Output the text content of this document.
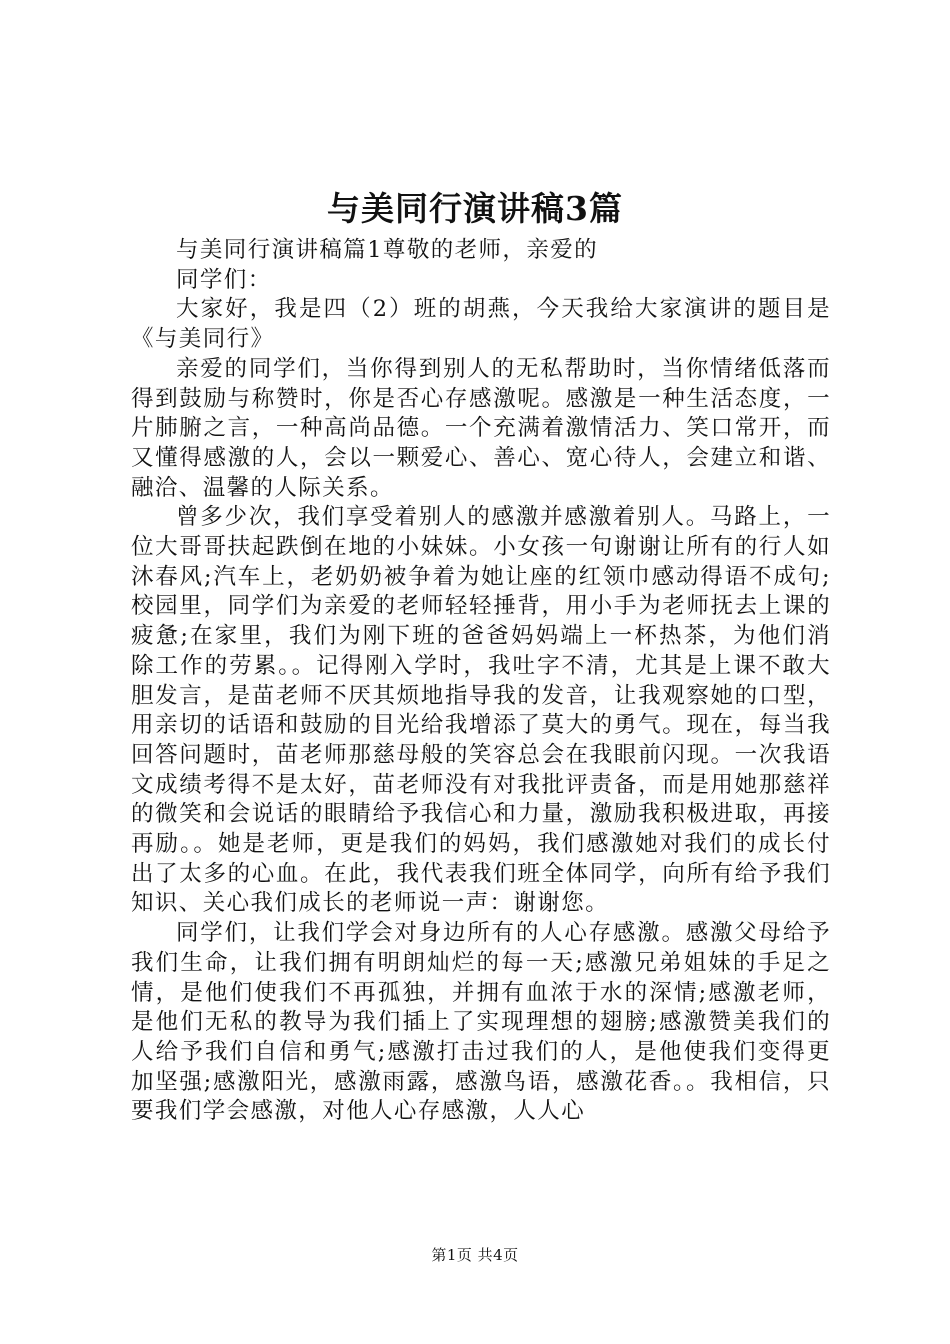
与美同行演讲稿3篇

与美同行演讲稿篇1尊敬的老师，亲爱的

同学们：

大家好，我是四（2）班的胡燕，今天我给大家演讲的题目是《与美同行》

亲爱的同学们，当你得到别人的无私帮助时，当你情绪低落而得到鼓励与称赞时，你是否心存感激呢。感激是一种生活态度，一片肺腑之言，一种高尚品德。一个充满着激情活力、笑口常开，而又懂得感激的人，会以一颗爱心、善心、宽心待人，会建立和谐、融洽、温馨的人际关系。

曾多少次，我们享受着别人的感激并感激着别人。马路上，一位大哥哥扶起跌倒在地的小妹妹。小女孩一句谢谢让所有的行人如沐春风;汽车上，老奶奶被争着为她让座的红领巾感动得语不成句;校园里，同学们为亲爱的老师轻轻捶背，用小手为老师抚去上课的疲惫;在家里，我们为刚下班的爸爸妈妈端上一杯热茶，为他们消除工作的劳累。。记得刚入学时，我吐字不清，尤其是上课不敢大胆发言，是苗老师不厌其烦地指导我的发音，让我观察她的口型，用亲切的话语和鼓励的目光给我增添了莫大的勇气。现在，每当我回答问题时，苗老师那慈母般的笑容总会在我眼前闪现。一次我语文成绩考得不是太好，苗老师没有对我批评责备，而是用她那慈祥的微笑和会说话的眼睛给予我信心和力量，激励我积极进取，再接再励。。她是老师，更是我们的妈妈，我们感激她对我们的成长付出了太多的心血。在此，我代表我们班全体同学，向所有给予我们知识、关心我们成长的老师说一声：谢谢您。

同学们，让我们学会对身边所有的人心存感激。感激父母给予我们生命，让我们拥有明朗灿烂的每一天;感激兄弟姐妹的手足之情，是他们使我们不再孤独，并拥有血浓于水的深情;感激老师，是他们无私的教导为我们插上了实现理想的翅膀;感激赞美我们的人给予我们自信和勇气;感激打击过我们的人，是他使我们变得更加坚强;感激阳光，感激雨露，感激鸟语，感激花香。。我相信，只要我们学会感激，对他人心存感激，人人心

第1页 共4页
